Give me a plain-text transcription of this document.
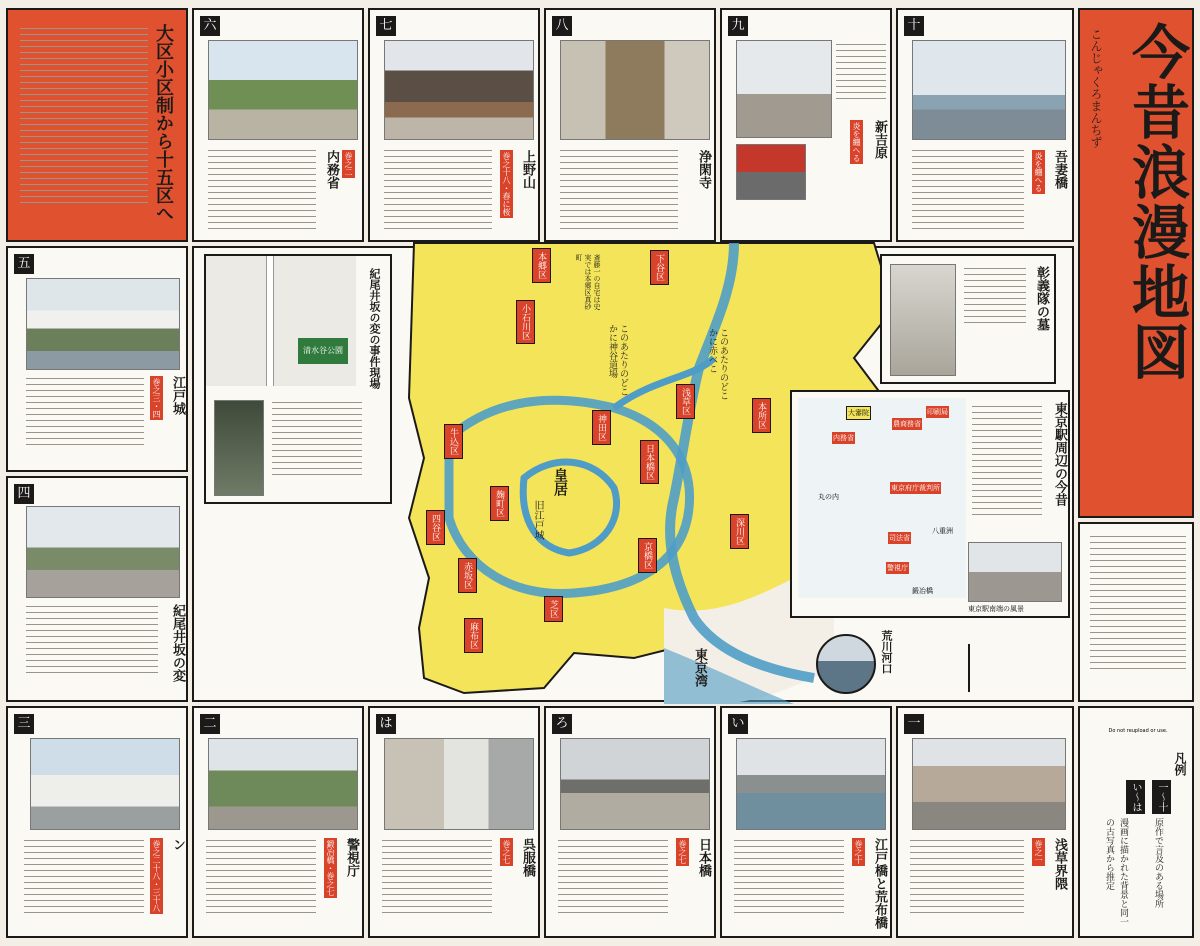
大区小区制から十五区へ 六
内務省 巻之二
七
上野山
巻之十八・春に桜
八
浄閑寺
九
新吉原
炎を纏へる
十
吾妻橋
炎を纏へる
こんじゃくろまんちず 今昔浪漫地図
五
江戸城
巻之三・四
四
紀尾井坂の変
本郷区
小石川区
下谷区
浅草区
本所区
神田区
日本橋区
京橋区
深川区
芝区
麻布区
赤坂区
四谷区
牛込区
麹町区
皇居
旧江戸城
このあたりのどこかに赤べこ
このあたりのどこかに神谷道場
斎藤一の自宅は史実では本郷区真砂町
東京湾
清水谷公園	紀尾井坂の変の事件現場	彰義隊の墓
大審院
農商務省
内務省
印刷局
東京府庁裁判所
司法省
警視庁
丸の内
八重洲
鍛冶橋
東京駅周辺の今昔
東京駅南端の風景
荒川河口
Do not reupload or use.
凡例
一〜十
原作で言及のある場所
い〜は
漫画に描かれた背景と同一の古写真から推定
三
ン
巻之二十八・三十八
二
警視庁
鍛冶橋・巻之七
は
呉服橋
巻之七
ろ
日本橋
巻之七
い
江戸橋と荒布橋
巻之十
一
浅草界隈
巻之一
